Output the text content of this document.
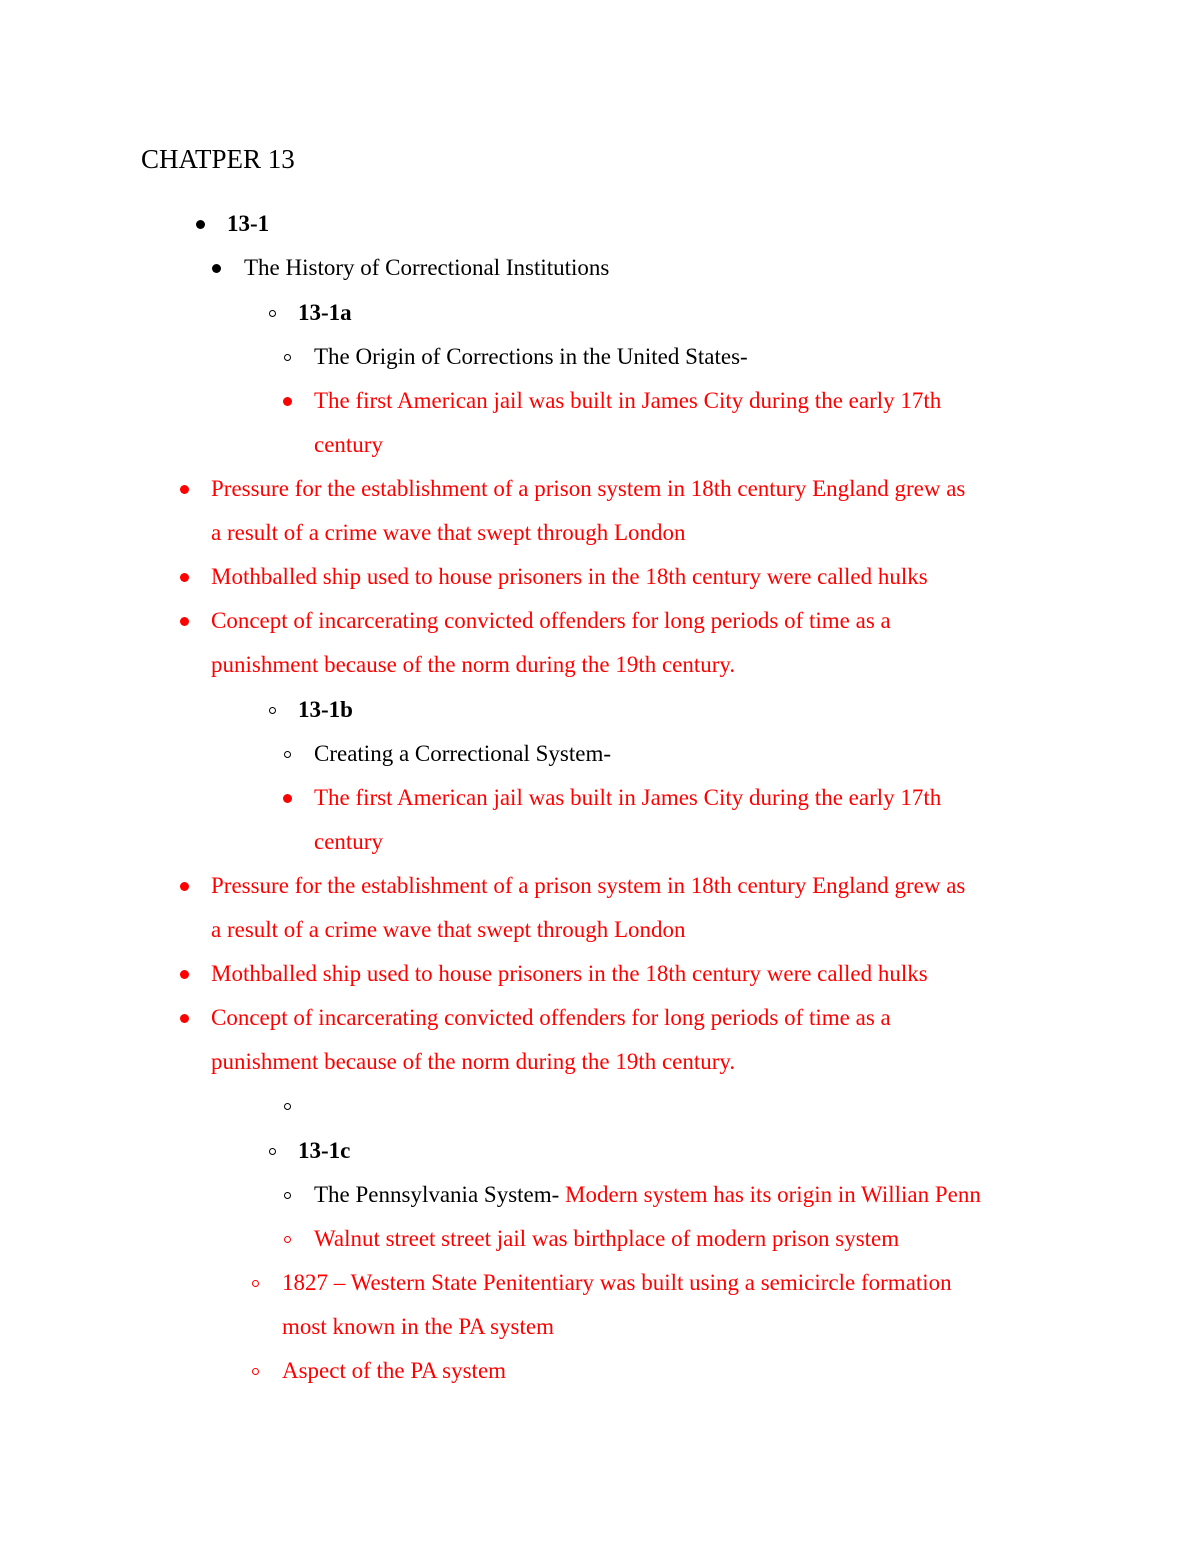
CHATPER 13
13-1
The History of Correctional Institutions
13-1a
The Origin of Corrections in the United States-
The first American jail was built in James City during the early 17th
century
Pressure for the establishment of a prison system in 18th century England grew as
a result of a crime wave that swept through London
Mothballed ship used to house prisoners in the 18th century were called hulks
Concept of incarcerating convicted offenders for long periods of time as a
punishment because of the norm during the 19th century.
13-1b
Creating a Correctional System-
The first American jail was built in James City during the early 17th
century
Pressure for the establishment of a prison system in 18th century England grew as
a result of a crime wave that swept through London
Mothballed ship used to house prisoners in the 18th century were called hulks
Concept of incarcerating convicted offenders for long periods of time as a
punishment because of the norm during the 19th century.
13-1c
The Pennsylvania System- Modern system has its origin in Willian Penn
Walnut street street jail was birthplace of modern prison system
1827 – Western State Penitentiary was built using a semicircle formation
most known in the PA system
Aspect of the PA system
